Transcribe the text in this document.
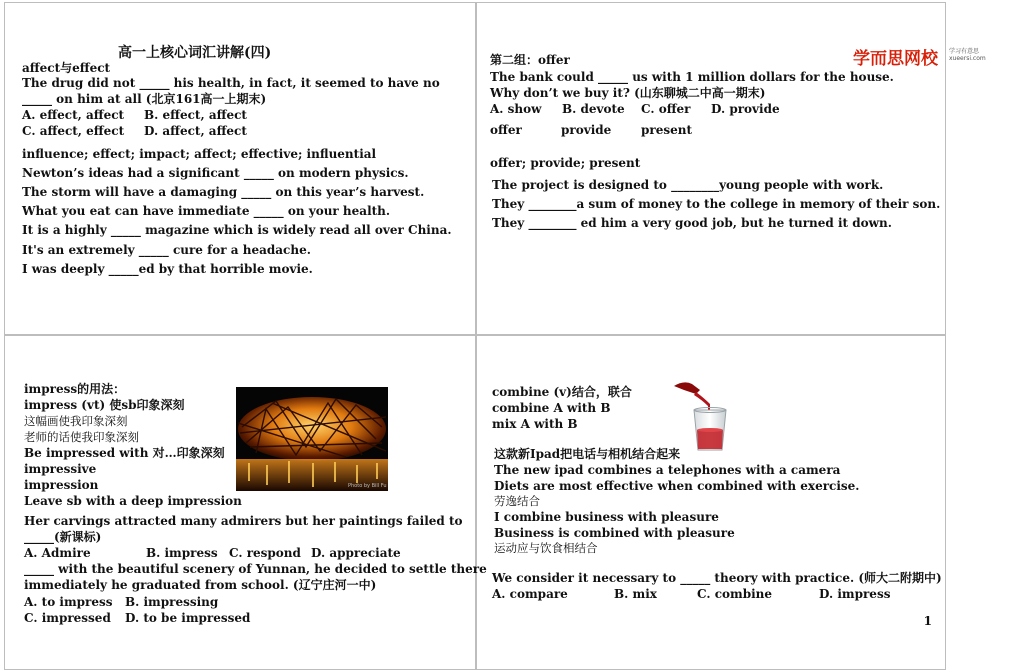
高一上核心词汇讲解(四)
affect与effect
The drug did not _____ his health, in fact, it seemed to have no
_____ on him at all (北京161高一上期末)
A. effect, affect B. effect, affect
C. affect, effect D. affect, affect
influence; effect; impact; affect; effective; influential
Newton’s ideas had a significant _____ on modern physics.
The storm will have a damaging _____ on this year’s harvest.
What you eat can have immediate _____ on your health.
It is a highly _____ magazine which is widely read all over China.
It's an extremely _____ cure for a headache.
I was deeply _____ed by that horrible movie.
学而思网校 学习有意思 xueersi.com
第二组：offer
The bank could _____ us with 1 million dollars for the house.
Why don’t we buy it? (山东聊城二中高一期末)
A. show B. devote C. offer D. provide
offer	provide present
offer; provide; present
The project is designed to ________young people with work.
They ________a sum of money to the college in memory of their son.
They ________ ed him a very good job, but he turned it down.
Photo by Bill Fu
impress的用法：
impress (vt) 使sb印象深刻
这幅画使我印象深刻
老师的话使我印象深刻
Be impressed with 对…印象深刻
impressive
impression
Leave sb with a deep impression
Her carvings attracted many admirers but her paintings failed to
_____(新课标)
A. Admire	B. impress C. respond D. appreciate
_____ with the beautiful scenery of Yunnan, he decided to settle there
immediately he graduated from school. (辽宁庄河一中)
A. to impress B. impressing
C. impressed D. to be impressed
combine (v)结合，联合
combine A with B
mix A with B
这款新Ipad把电话与相机结合起来
The new ipad combines a telephones with a camera
Diets are most effective when combined with exercise.
劳逸结合
I combine business with pleasure
Business is combined with pleasure
运动应与饮食相结合
We consider it necessary to _____ theory with practice. (师大二附期中)
A. compare	B. mix	C. combine	D. impress
1
